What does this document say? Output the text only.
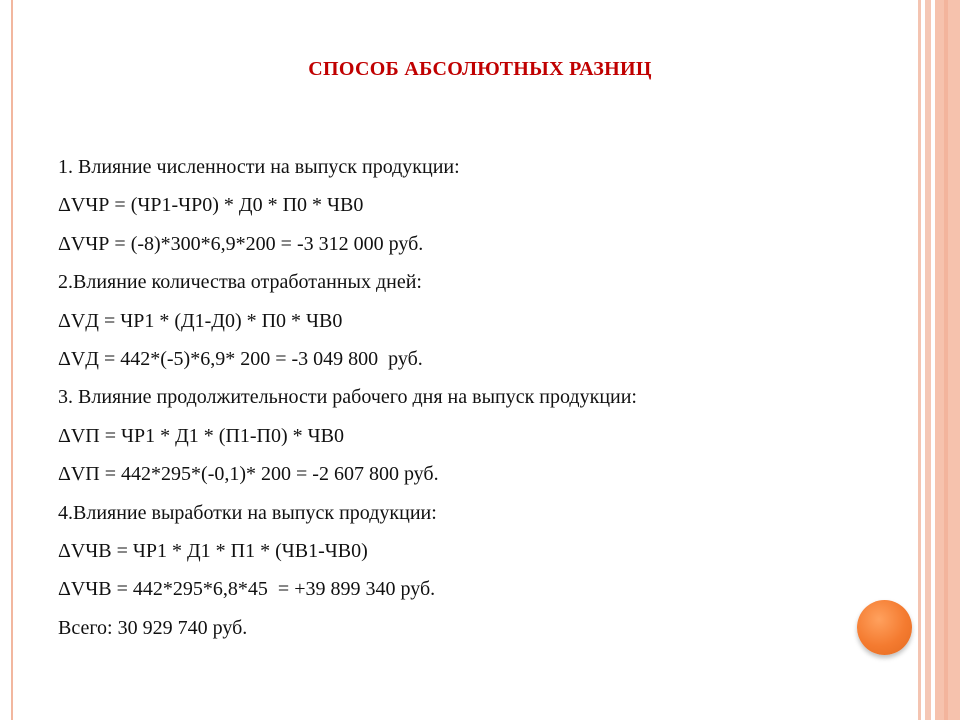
СПОСОБ АБСОЛЮТНЫХ РАЗНИЦ
1. Влияние численности на выпуск продукции:
ΔVЧР = (ЧР1-ЧР0) * Д0 * П0 * ЧВ0
ΔVЧР = (-8)*300*6,9*200 = -3 312 000 руб.
2.Влияние количества отработанных дней:
ΔVД = ЧР1 * (Д1-Д0) * П0 * ЧВ0
ΔVД = 442*(-5)*6,9* 200 = -3 049 800  руб.
3. Влияние продолжительности рабочего дня на выпуск продукции:
ΔVП = ЧР1 * Д1 * (П1-П0) * ЧВ0
ΔVП = 442*295*(-0,1)* 200 = -2 607 800 руб.
4.Влияние выработки на выпуск продукции:
ΔVЧВ = ЧР1 * Д1 * П1 * (ЧВ1-ЧВ0)
ΔVЧВ = 442*295*6,8*45  = +39 899 340 руб.
Всего: 30 929 740 руб.
